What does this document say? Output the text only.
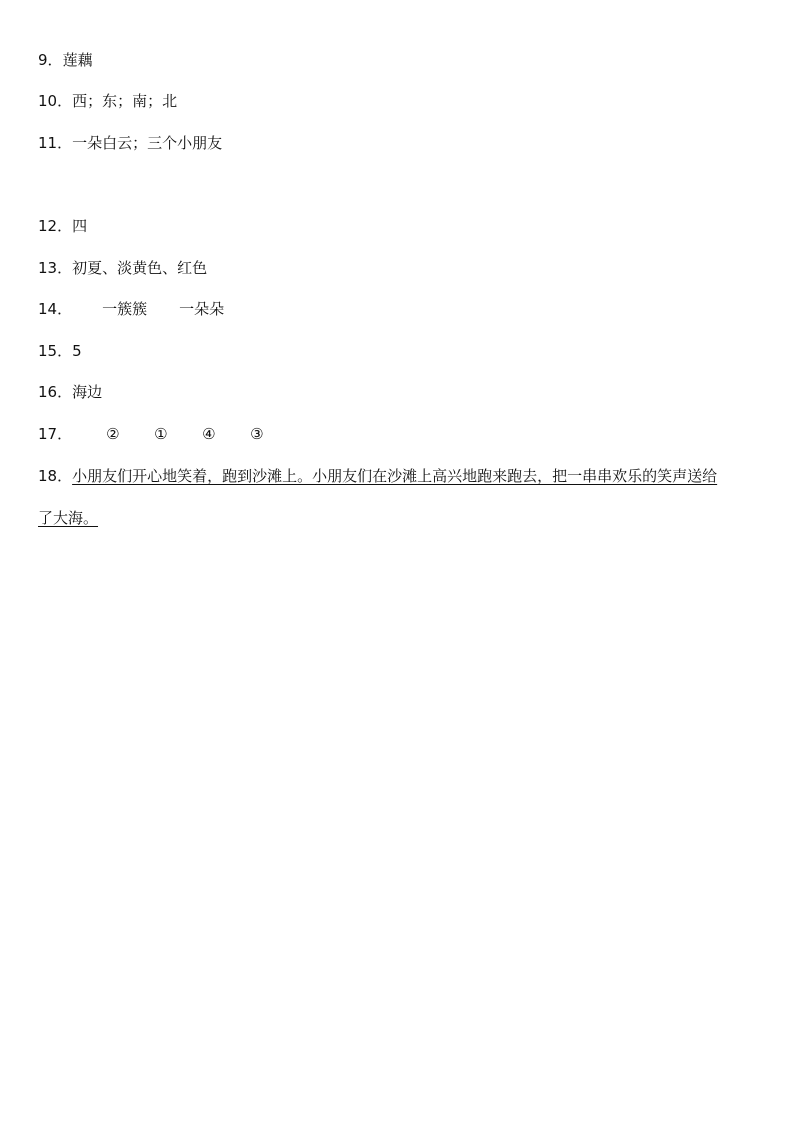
9．莲藕
10．西；东；南；北
11．一朵白云；三个小朋友
12．四
13．初夏、淡黄色、红色
14． 一簇簇 一朵朵
15．5
16．海边
17． ② ① ④ ③
18．小朋友们开心地笑着，跑到沙滩上。小朋友们在沙滩上高兴地跑来跑去，把一串串欢乐的笑声送给
了大海。
